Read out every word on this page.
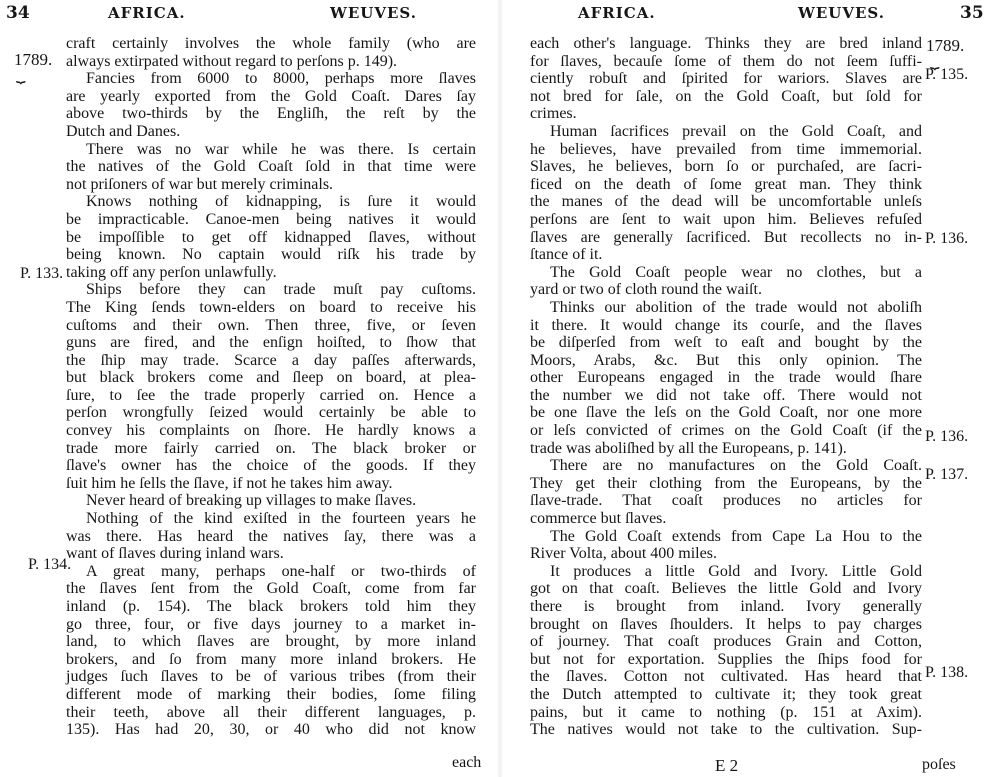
34	AFRICA.	WEUVES.
1789.
⏟
craft certainly involves the whole family (who are
always extirpated without regard to perſons p. 149).
Fancies from 6000 to 8000, perhaps more ſlaves
are yearly exported from the Gold Coaſt. Dares ſay
above two-thirds by the Engliſh, the reſt by the
Dutch and Danes.
There was no war while he was there. Is certain
the natives of the Gold Coaſt ſold in that time were
not priſoners of war but merely criminals.
Knows nothing of kidnapping, is ſure it would
be impracticable. Canoe-men being natives it would
be impoſſible to get off kidnapped ſlaves, without
being known. No captain would riſk his trade by
taking off any perſon unlawfully.
Ships before they can trade muſt pay cuſtoms.
The King ſends town-elders on board to receive his
cuſtoms and their own. Then three, five, or ſeven
guns are fired, and the enſign hoiſted, to ſhow that
the ſhip may trade. Scarce a day paſſes afterwards,
but black brokers come and ſleep on board, at plea-
ſure, to ſee the trade properly carried on. Hence a
perſon wrongfully ſeized would certainly be able to
convey his complaints on ſhore. He hardly knows a
trade more fairly carried on. The black broker or
ſlave's owner has the choice of the goods. If they
ſuit him he ſells the ſlave, if not he takes him away.
Never heard of breaking up villages to make ſlaves.
Nothing of the kind exiſted in the fourteen years he
was there. Has heard the natives ſay, there was a
want of ſlaves during inland wars.
A great many, perhaps one-half or two-thirds of
the ſlaves ſent from the Gold Coaſt, come from far
inland (p. 154). The black brokers told him they
go three, four, or five days journey to a market in-
land, to which ſlaves are brought, by more inland
brokers, and ſo from many more inland brokers. He
judges ſuch ſlaves to be of various tribes (from their
different mode of marking their bodies, ſome filing
their teeth, above all their different languages, p.
135). Has had 20, 30, or 40 who did not know
P. 133.
P. 134.
each
AFRICA.	WEUVES.	35
1789.
⏟
each other's language. Thinks they are bred inland
for ſlaves, becauſe ſome of them do not ſeem ſuffi-
ciently robuſt and ſpirited for wariors. Slaves are
not bred for ſale, on the Gold Coaſt, but ſold for
crimes.
Human ſacrifices prevail on the Gold Coaſt, and
he believes, have prevailed from time immemorial.
Slaves, he believes, born ſo or purchaſed, are ſacri-
ficed on the death of ſome great man. They think
the manes of the dead will be uncomfortable unleſs
perſons are ſent to wait upon him. Believes refuſed
ſlaves are generally ſacrificed. But recollects no in-
ſtance of it.
The Gold Coaſt people wear no clothes, but a
yard or two of cloth round the waiſt.
Thinks our abolition of the trade would not aboliſh
it there. It would change its courſe, and the ſlaves
be diſperſed from weſt to eaſt and bought by the
Moors, Arabs, &c. But this only opinion. The
other Europeans engaged in the trade would ſhare
the number we did not take off. There would not
be one ſlave the leſs on the Gold Coaſt, nor one more
or leſs convicted of crimes on the Gold Coaſt (if the
trade was aboliſhed by all the Europeans, p. 141).
There are no manufactures on the Gold Coaſt.
They get their clothing from the Europeans, by the
ſlave-trade. That coaſt produces no articles for
commerce but ſlaves.
The Gold Coaſt extends from Cape La Hou to the
River Volta, about 400 miles.
It produces a little Gold and Ivory. Little Gold
got on that coaſt. Believes the little Gold and Ivory
there is brought from inland. Ivory generally
brought on ſlaves ſhoulders. It helps to pay charges
of journey. That coaſt produces Grain and Cotton,
but not for exportation. Supplies the ſhips food for
the ſlaves. Cotton not cultivated. Has heard that
the Dutch attempted to cultivate it; they took great
pains, but it came to nothing (p. 151 at Axim).
The natives would not take to the cultivation. Sup-
P. 135.
P. 136.
P. 136.
P. 137.
P. 138.
E 2	poſes
